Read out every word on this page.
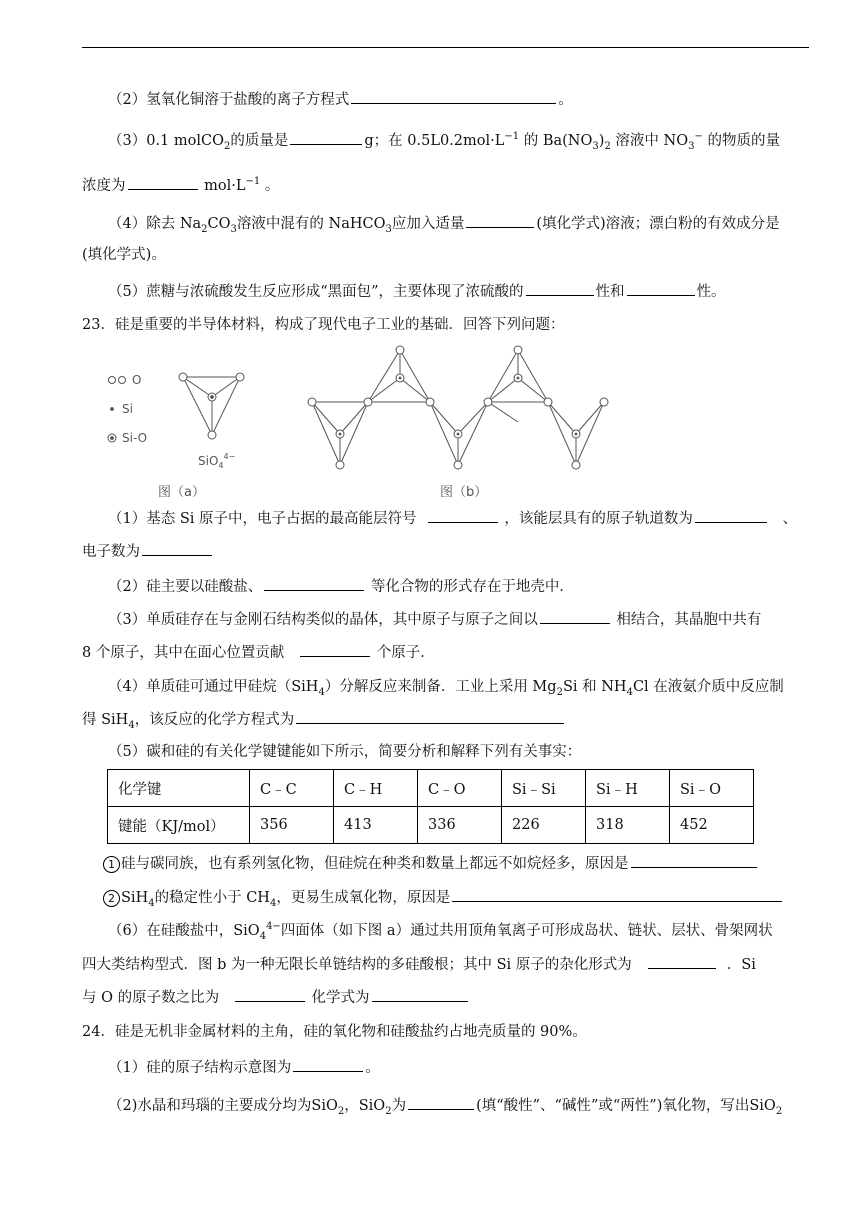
（2）氢氧化铜溶于盐酸的离子方程式	。
（3）0.1 molCO$_2$的质量是	g；在 $0.5L0.2mol\cdot L^{-1}$ 的 $Ba(NO_3)_2$ 溶液中 $NO_3^-$ 的物质的量
浓度为	$mol\cdot L^{-1}$ 。
（4）除去 $Na_2CO_3$溶液中混有的 NaHCO$_3$应加入适量	(填化学式)溶液；漂白粉的有效成分是
(填化学式)。
（5）蔗糖与浓硫酸发生反应形成“黑面包”，主要体现了浓硫酸的	性和	性。
23．硅是重要的半导体材料，构成了现代电子工业的基础．回答下列问题：
O
Si
Si-O
SiO$_4^{4-}$
图（a）	图（b）
（1）基态 Si 原子中，电子占据的最高能层符号	，该能层具有的原子轨道数为	、
电子数为
（2）硅主要以硅酸盐、	等化合物的形式存在于地壳中．
（3）单质硅存在与金刚石结构类似的晶体，其中原子与原子之间以	相结合，其晶胞中共有
8 个原子，其中在面心位置贡献	个原子．
（4）单质硅可通过甲硅烷（SiH$_4$）分解反应来制备．工业上采用 $Mg_2Si$ 和 $NH_4Cl$ 在液氨介质中反应制
得 SiH$_4$，该反应的化学方程式为
（5）碳和硅的有关化学键键能如下所示，简要分析和解释下列有关事实：
化学键	C﹣C	C﹣H	C﹣O	Si﹣Si	Si﹣H	Si﹣O
键能（KJ/mol）	356	413	336	226	318	452
1 硅与碳同族，也有系列氢化物，但硅烷在种类和数量上都远不如烷烃多，原因是
2 SiH$_4$的稳定性小于 $CH_4$，更易生成氧化物，原因是
（6）在硅酸盐中，SiO$_4^{4-}$四面体（如下图 a）通过共用顶角氧离子可形成岛状、链状、层状、骨架网状
四大类结构型式．图 b 为一种无限长单链结构的多硅酸根；其中 Si 原子的杂化形式为	．Si
与 O 的原子数之比为	化学式为
24．硅是无机非金属材料的主角，硅的氧化物和硅酸盐约占地壳质量的 90%。
（1）硅的原子结构示意图为	。
（2)水晶和玛瑙的主要成分均为SiO$_2$，SiO$_2$为	(填“酸性”、“碱性”或“两性”)氧化物，写出SiO$_2$
